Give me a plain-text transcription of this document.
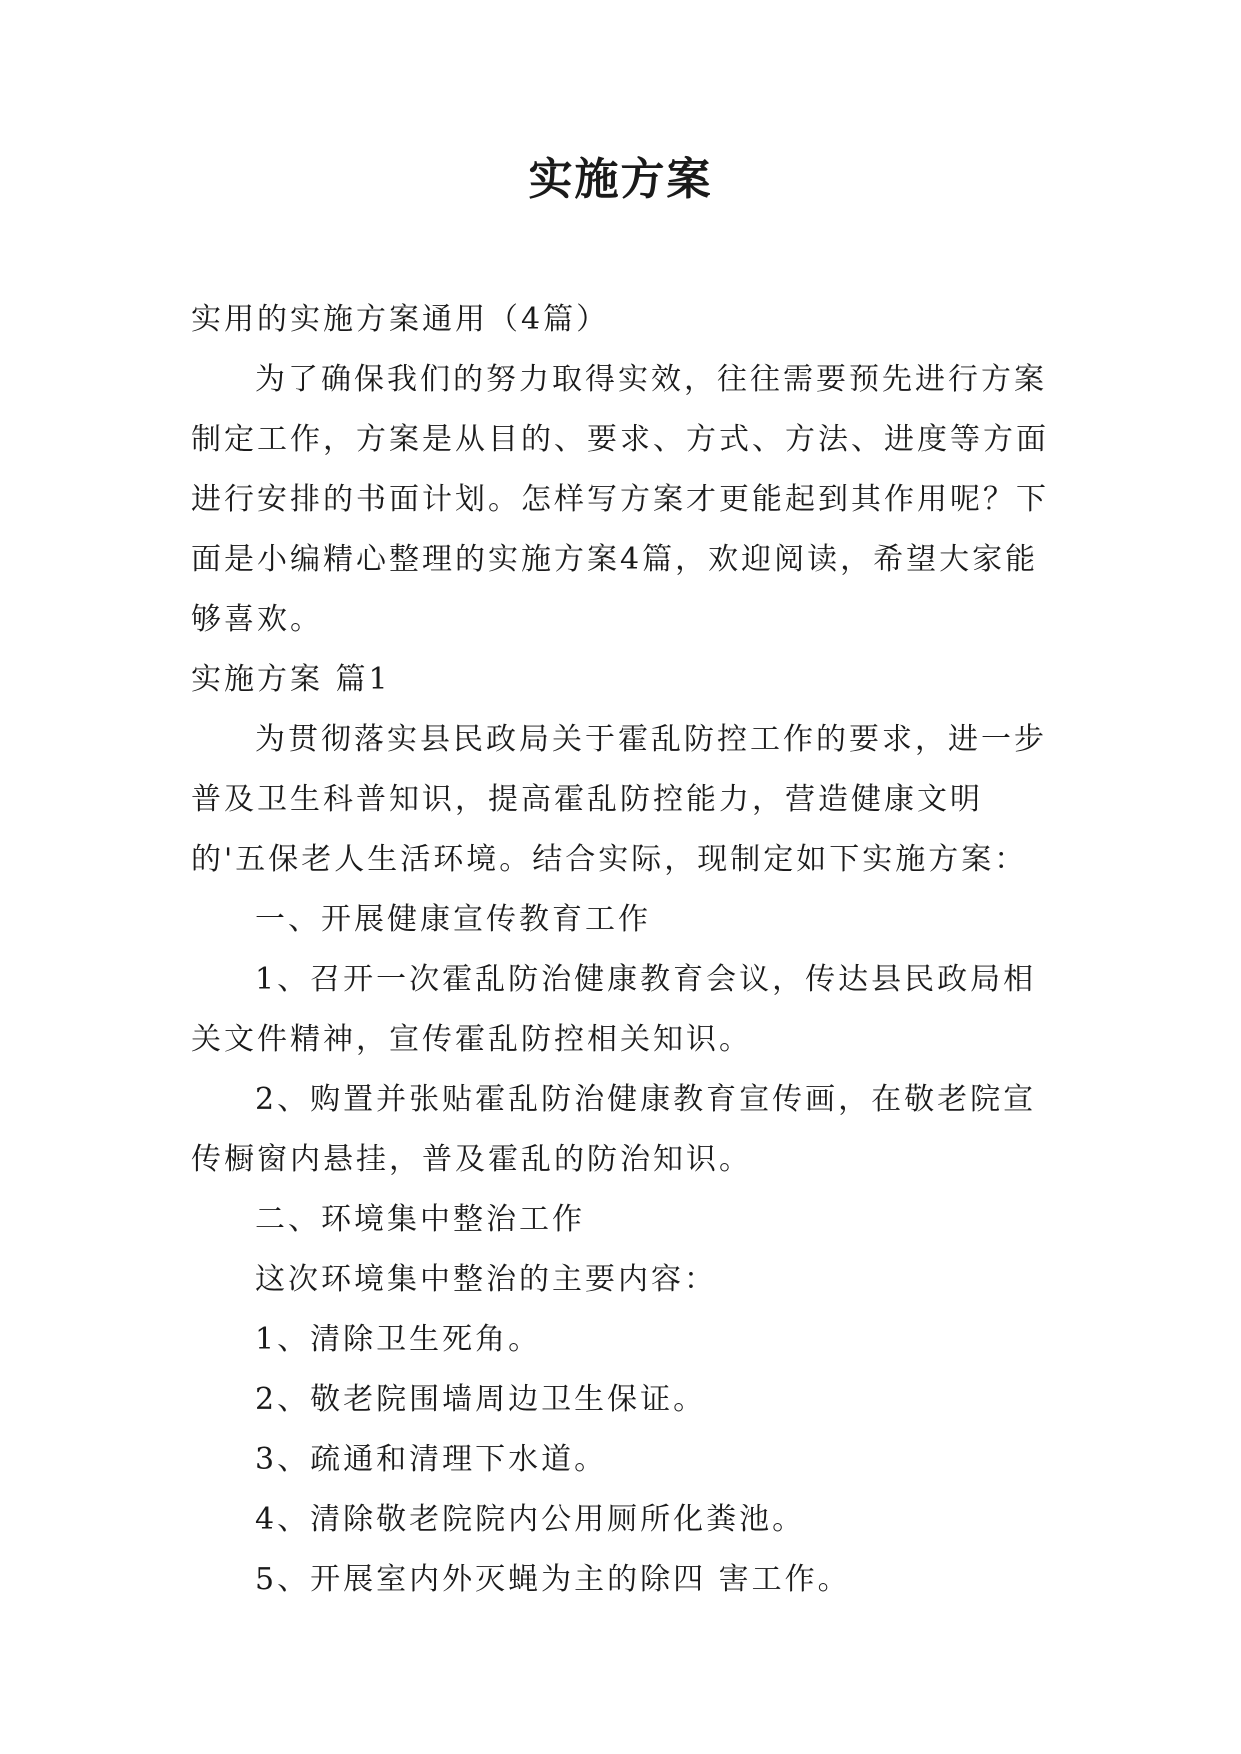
实施方案

实用的实施方案通用（4篇）

为了确保我们的努力取得实效，往往需要预先进行方案制定工作，方案是从目的、要求、方式、方法、进度等方面进行安排的书面计划。怎样写方案才更能起到其作用呢？下面是小编精心整理的实施方案4篇，欢迎阅读，希望大家能够喜欢。

实施方案 篇1

为贯彻落实县民政局关于霍乱防控工作的要求，进一步普及卫生科普知识，提高霍乱防控能力，营造健康文明的'五保老人生活环境。结合实际，现制定如下实施方案：

一、开展健康宣传教育工作

1、召开一次霍乱防治健康教育会议，传达县民政局相关文件精神，宣传霍乱防控相关知识。

2、购置并张贴霍乱防治健康教育宣传画，在敬老院宣传橱窗内悬挂，普及霍乱的防治知识。

二、环境集中整治工作

这次环境集中整治的主要内容：

1、清除卫生死角。

2、敬老院围墙周边卫生保证。

3、疏通和清理下水道。

4、清除敬老院院内公用厕所化粪池。

5、开展室内外灭蝇为主的除四 害工作。
